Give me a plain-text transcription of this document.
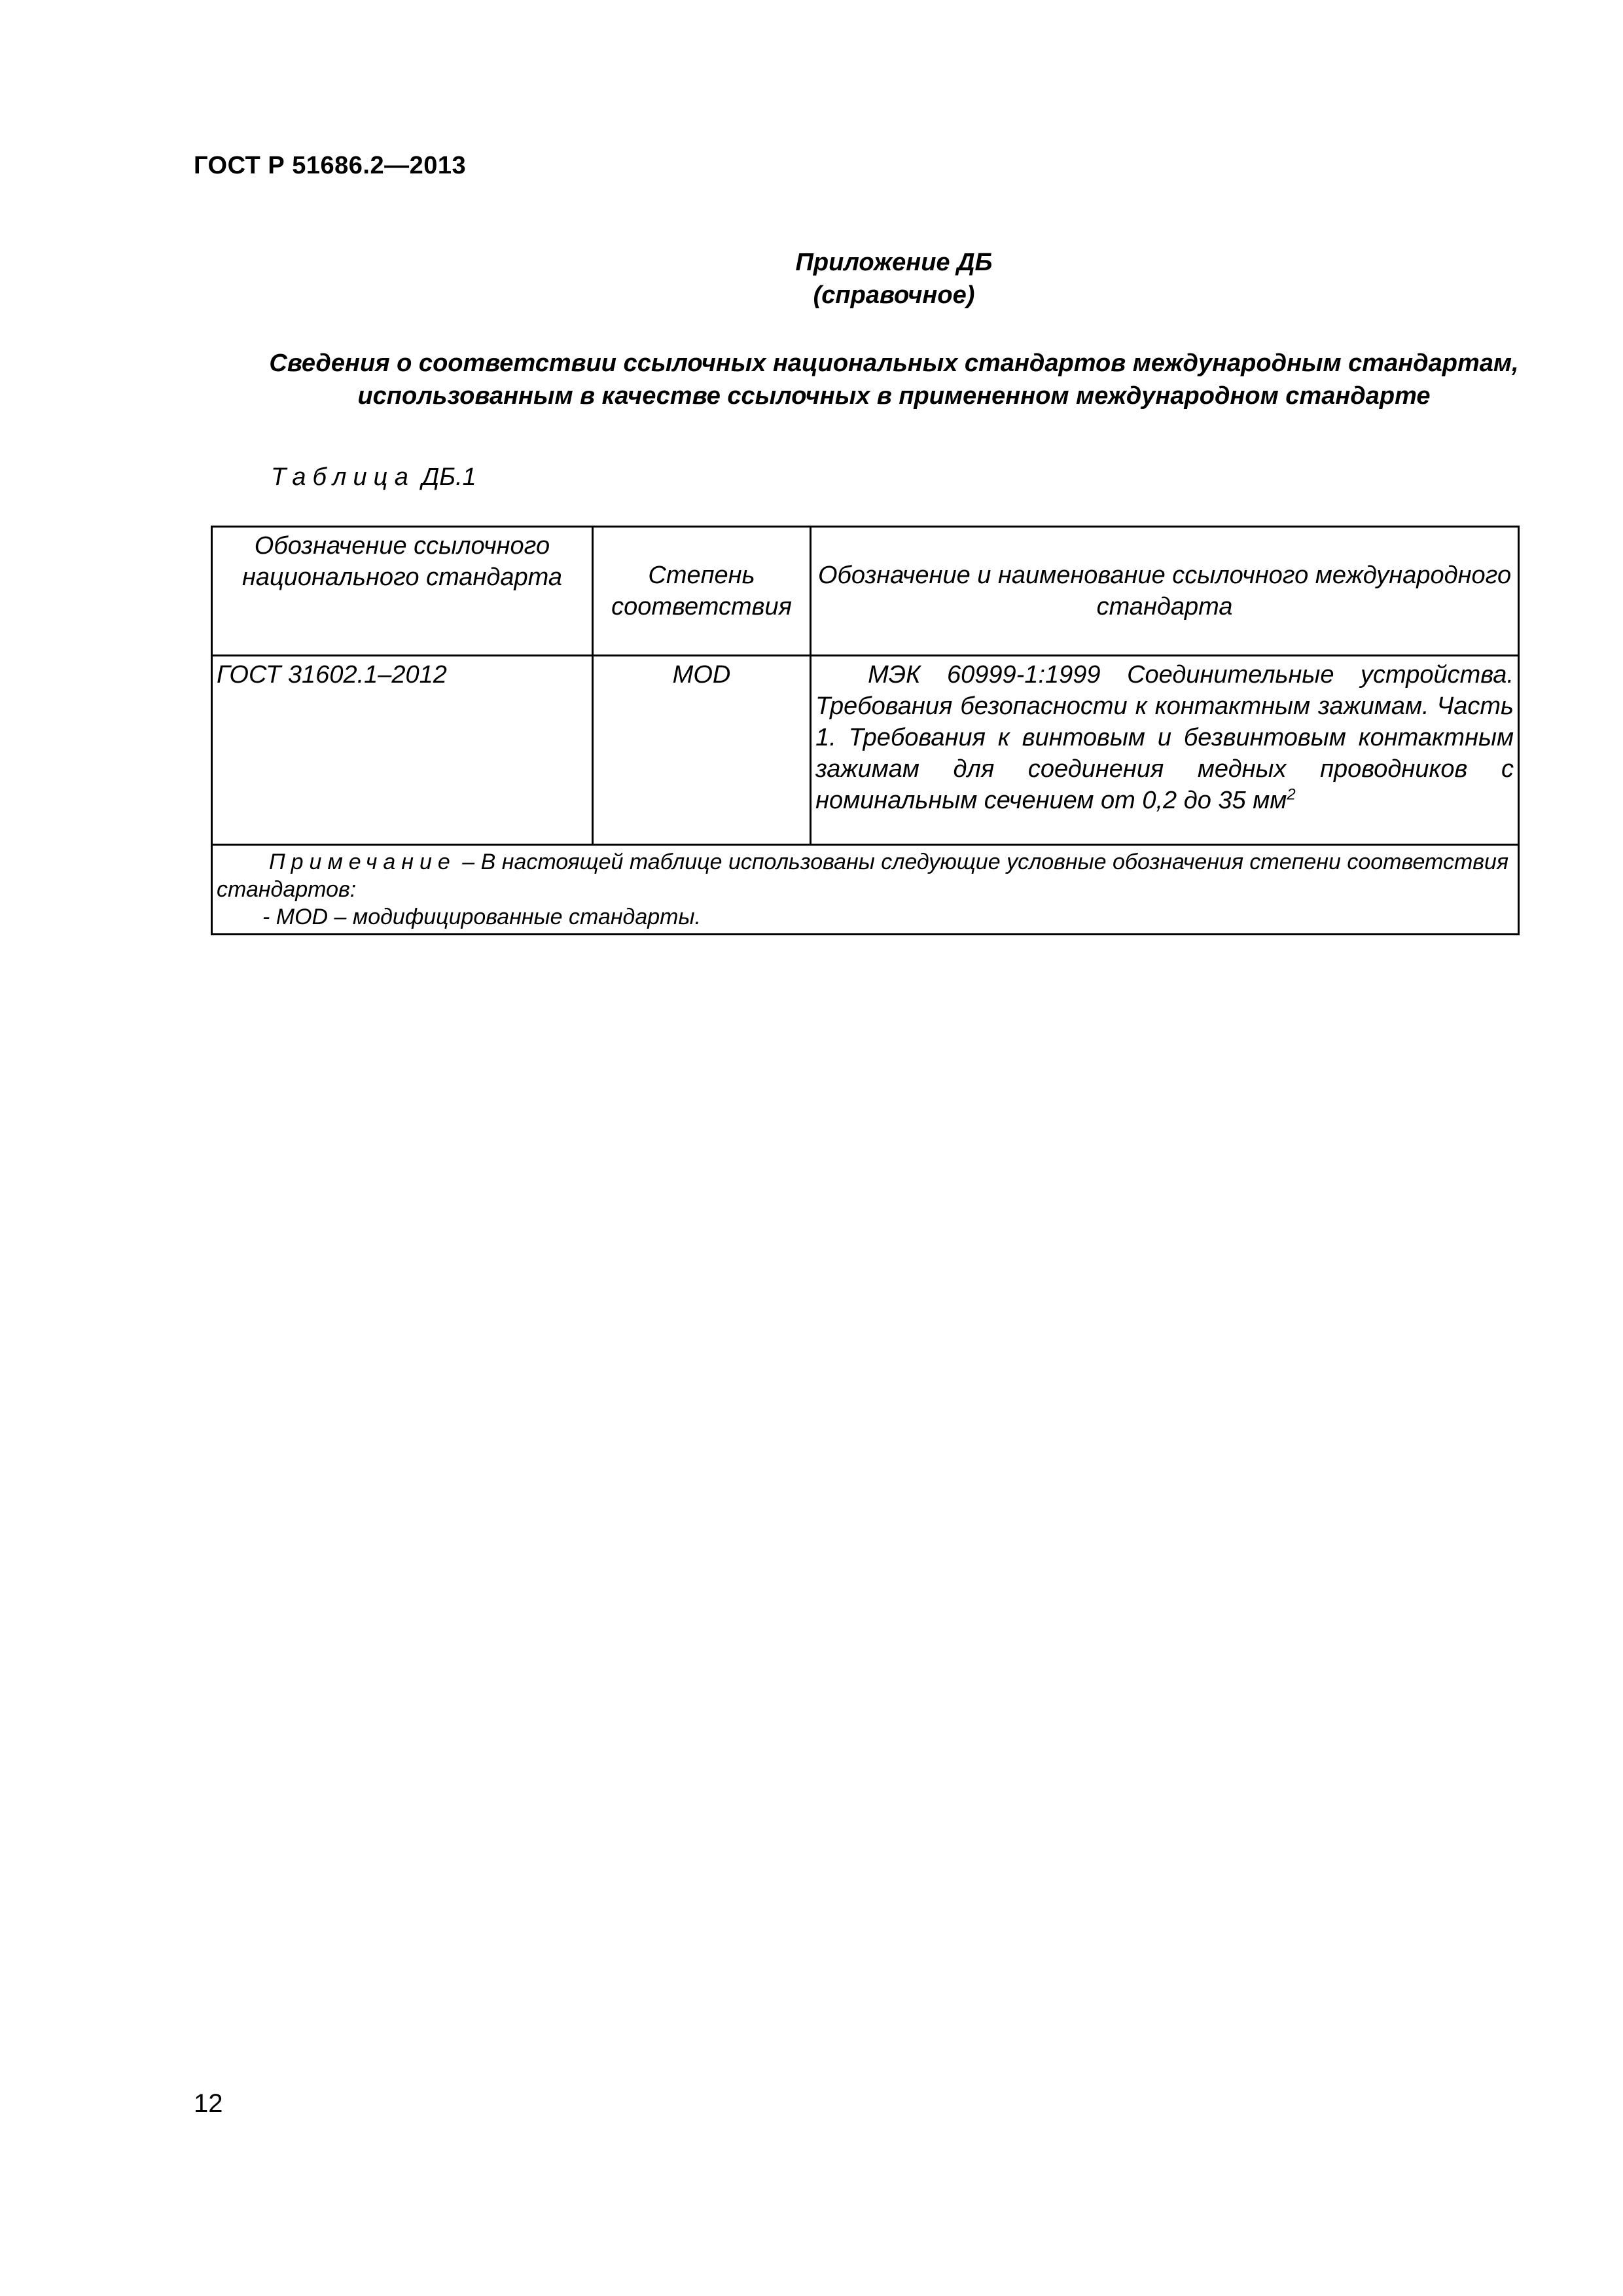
ГОСТ Р 51686.2—2013
Приложение ДБ
(справочное)
Сведения о соответствии ссылочных национальных стандартов международным стандартам, использованным в качестве ссылочных в примененном международном стандарте
Таблица ДБ.1
Обозначение ссылочного национального стандарта	Степень соответствия	Обозначение и наименование ссылочного международного стандарта
ГОСТ 31602.1–2012	MOD	МЭК 60999-1:1999 Соединительные устройства. Требования безопасности к контактным зажимам. Часть 1. Требования к винтовым и безвинтовым контактным зажимам для соединения медных проводников с номинальным сечением от 0,2 до 35 $мм^2$

Примечание – В настоящей таблице использованы следующие условные обозначения степени соответствия стандартов:
- MOD – модифицированные стандарты.		
12
